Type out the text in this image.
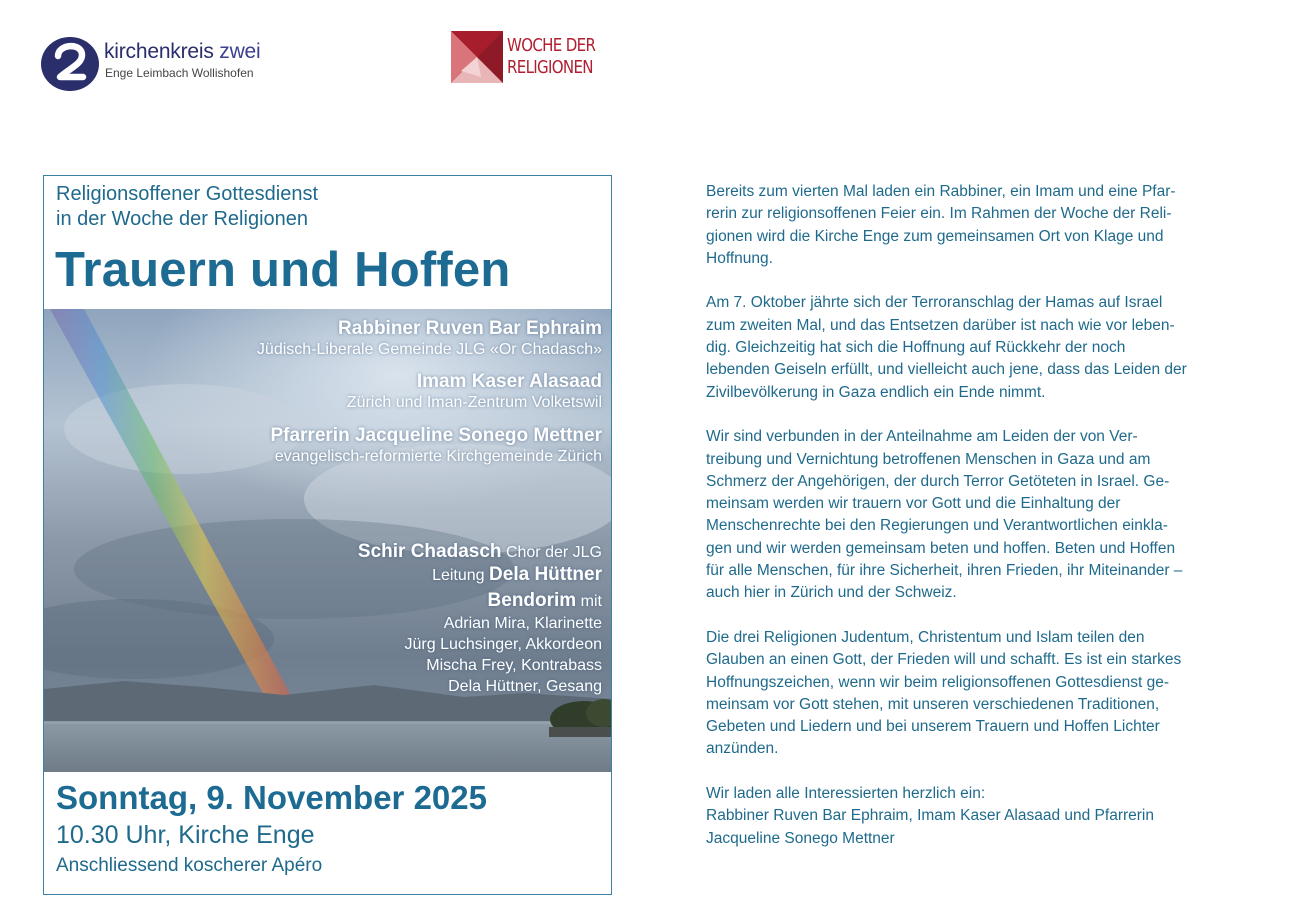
kirchenkreis zwei
Enge Leimbach Wollishofen
WOCHE DER
RELIGIONEN
Religionsoffener Gottesdienst
in der Woche der Religionen
Trauern und Hoffen
Rabbiner Ruven Bar Ephraim
Jüdisch-Liberale Gemeinde JLG «Or Chadasch»
Imam Kaser Alasaad
Zürich und Iman-Zentrum Volketswil
Pfarrerin Jacqueline Sonego Mettner
evangelisch-reformierte Kirchgemeinde Zürich
Schir Chadasch Chor der JLG
Leitung Dela Hüttner
Bendorim mit
Adrian Mira, Klarinette
Jürg Luchsinger, Akkordeon
Mischa Frey, Kontrabass
Dela Hüttner, Gesang
Sonntag, 9. November 2025
10.30 Uhr, Kirche Enge
Anschliessend koscherer Apéro
Bereits zum vierten Mal laden ein Rabbiner, ein Imam und eine Pfar-
rerin zur religionsoffenen Feier ein. Im Rahmen der Woche der Reli-
gionen wird die Kirche Enge zum gemeinsamen Ort von Klage und
Hoffnung.
Am 7. Oktober jährte sich der Terroranschlag der Hamas auf Israel
zum zweiten Mal, und das Entsetzen darüber ist nach wie vor leben-
dig. Gleichzeitig hat sich die Hoffnung auf Rückkehr der noch
lebenden Geiseln erfüllt, und vielleicht auch jene, dass das Leiden der
Zivilbevölkerung in Gaza endlich ein Ende nimmt.
Wir sind verbunden in der Anteilnahme am Leiden der von Ver-
treibung und Vernichtung betroffenen Menschen in Gaza und am
Schmerz der Angehörigen, der durch Terror Getöteten in Israel. Ge-
meinsam werden wir trauern vor Gott und die Einhaltung der
Menschenrechte bei den Regierungen und Verantwortlichen einkla-
gen und wir werden gemeinsam beten und hoffen. Beten und Hoffen
für alle Menschen, für ihre Sicherheit, ihren Frieden, ihr Miteinander –
auch hier in Zürich und der Schweiz.
Die drei Religionen Judentum, Christentum und Islam teilen den
Glauben an einen Gott, der Frieden will und schafft. Es ist ein starkes
Hoffnungszeichen, wenn wir beim religionsoffenen Gottesdienst ge-
meinsam vor Gott stehen, mit unseren verschiedenen Traditionen,
Gebeten und Liedern und bei unserem Trauern und Hoffen Lichter
anzünden.
Wir laden alle Interessierten herzlich ein:
Rabbiner Ruven Bar Ephraim, Imam Kaser Alasaad und Pfarrerin
Jacqueline Sonego Mettner
